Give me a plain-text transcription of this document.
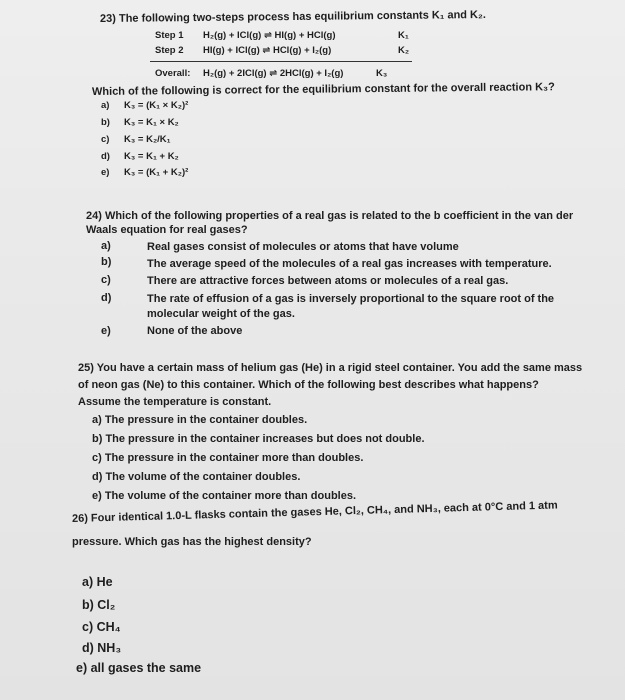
23) The following two-steps process has equilibrium constants K₁ and K₂.
Step 1 H₂(g) + ICl(g) ⇌ HI(g) + HCl(g)	K₁
Step 2 HI(g) + ICl(g) ⇌ HCl(g) + I₂(g)	K₂
Overall: H₂(g) + 2ICl(g) ⇌ 2HCl(g) + I₂(g)	K₃
Which of the following is correct for the equilibrium constant for the overall reaction K₃?
a) K₃ = (K₁ × K₂)²
b) K₃ = K₁ × K₂
c) K₃ = K₂/K₁
d) K₃ = K₁ + K₂
e) K₃ = (K₁ + K₂)²
24) Which of the following properties of a real gas is related to the b coefficient in the van der
Waals equation for real gases?
a)	Real gases consist of molecules or atoms that have volume
b)	The average speed of the molecules of a real gas increases with temperature.
c)	There are attractive forces between atoms or molecules of a real gas.
d)	The rate of effusion of a gas is inversely proportional to the square root of the
molecular weight of the gas.
e)	None of the above
25) You have a certain mass of helium gas (He) in a rigid steel container. You add the same mass
of neon gas (Ne) to this container. Which of the following best describes what happens?
Assume the temperature is constant.
a) The pressure in the container doubles.
b) The pressure in the container increases but does not double.
c) The pressure in the container more than doubles.
d) The volume of the container doubles.
e) The volume of the container more than doubles.
26) Four identical 1.0-L flasks contain the gases He, Cl₂, CH₄, and NH₃, each at 0°C and 1 atm
pressure. Which gas has the highest density?
a) He
b) Cl₂
c) CH₄
d) NH₃
e) all gases the same
